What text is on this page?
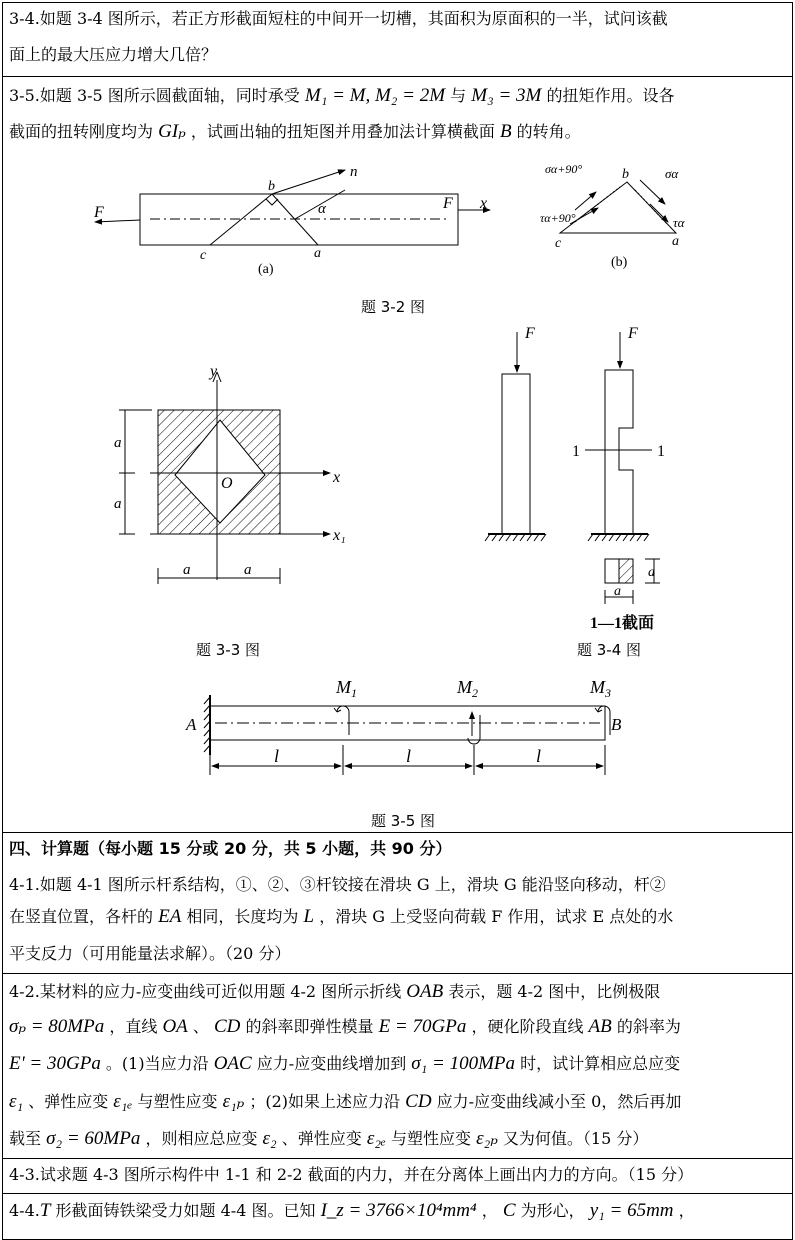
3-4.如题 3-4 图所示，若正方形截面短柱的中间开一切槽，其面积为原面积的一半，试问该截
面上的最大压应力增大几倍？
3-5.如题 3-5 图所示圆截面轴，同时承受 M₁ = M, M₂ = 2M 与 M₃ = 3M 的扭矩作用。设各
截面的扭转刚度均为 GIₚ ，试画出轴的扭矩图并用叠加法计算横截面 B 的转角。
F
F x
n
α
b
c	a
(a)
σα+90°	σα
τα+90°	τα
b
c	a
(b)
y
x
x₁
O
a
a
a	a
F	F
1	1
a
a
1—1截面
A	B
$M_1$	$M_2$	$M_3$
l	l	l
题 3-2 图
题 3-3 图	题 3-4 图
题 3-5 图
四、计算题（每小题 15 分或 20 分，共 5 小题，共 90 分）
4-1.如题 4-1 图所示杆系结构，①、②、③杆铰接在滑块 G 上，滑块 G 能沿竖向移动，杆②
在竖直位置，各杆的 EA 相同，长度均为 L ，滑块 G 上受竖向荷载 F 作用，试求 E 点处的水
平支反力（可用能量法求解）。（20 分）
4-2.某材料的应力-应变曲线可近似用题 4-2 图所示折线 OAB 表示，题 4-2 图中，比例极限
σₚ = 80MPa ，直线 OA 、 CD 的斜率即弹性模量 E = 70GPa ，硬化阶段直线 AB 的斜率为
E' = 30GPa 。(1)当应力沿 OAC 应力-应变曲线增加到 σ₁ = 100MPa 时，试计算相应总应变
ε₁ 、弹性应变 ε₁ₑ 与塑性应变 ε₁ₚ ；(2)如果上述应力沿 CD 应力-应变曲线减小至 0，然后再加
载至 σ₂ = 60MPa ，则相应总应变 ε₂ 、弹性应变 ε₂ₑ 与塑性应变 ε₂ₚ 又为何值。（15 分）
4-3.试求题 4-3 图所示构件中 1-1 和 2-2 截面的内力，并在分离体上画出内力的方向。（15 分）
4-4.T 形截面铸铁梁受力如题 4-4 图。已知 I_z = 3766×10⁴mm⁴ ， C 为形心， y₁ = 65mm ，
